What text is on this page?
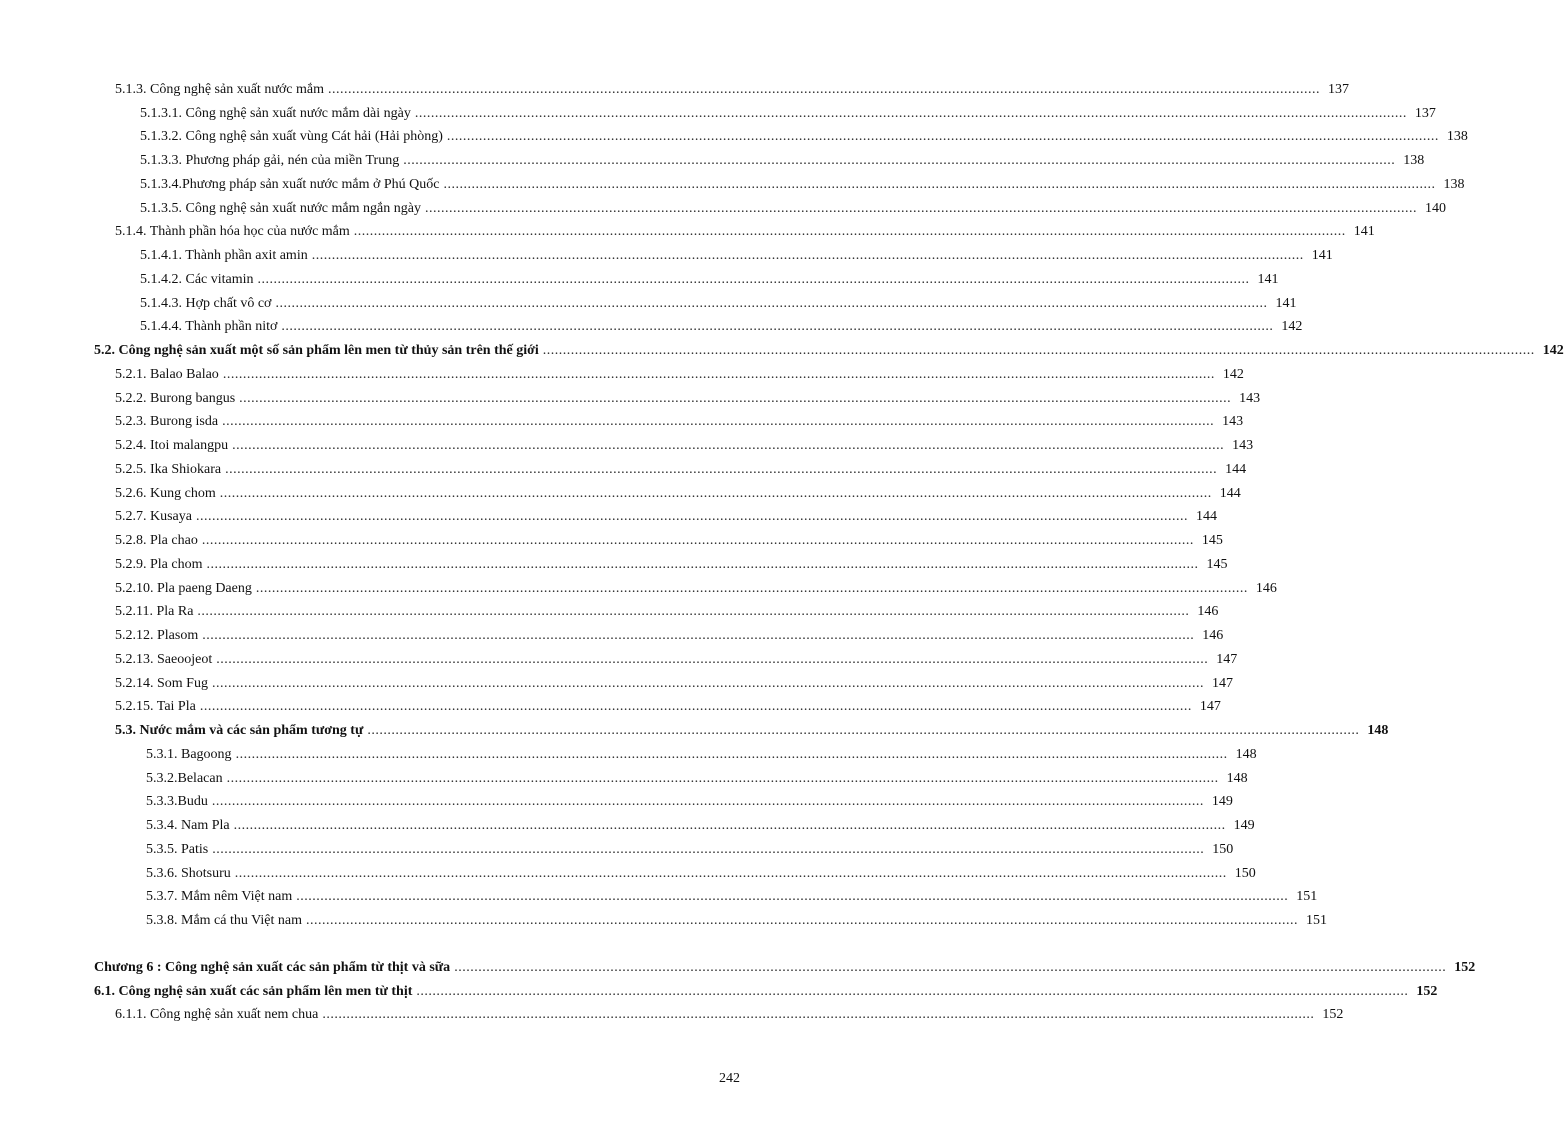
5.1.3. Công nghệ sản xuất nước mắm .....	137
5.1.3.1. Công nghệ sản xuất nước mắm dài ngày .....	137
5.1.3.2. Công nghệ sản xuất vùng Cát hải (Hải phòng) .....	138
5.1.3.3. Phương pháp gải, nén của miền Trung .....	138
5.1.3.4.Phương pháp sản xuất nước mắm ở Phú Quốc .....	138
5.1.3.5. Công nghệ sản xuất nước mắm ngắn ngày .....	140
5.1.4. Thành phần hóa học của nước mắm .....	141
5.1.4.1. Thành phần axit amin .....	141
5.1.4.2. Các vitamin .....	141
5.1.4.3. Hợp chất vô cơ .....	141
5.1.4.4. Thành phần nitơ .....	142
5.2. Công nghệ sản xuất một số sản phẩm lên men từ thủy sản trên thế giới .....	142
5.2.1. Balao Balao .....	142
5.2.2. Burong bangus .....	143
5.2.3. Burong isda .....	143
5.2.4. Itoi malangpu .....	143
5.2.5. Ika Shiokara .....	144
5.2.6. Kung chom .....	144
5.2.7. Kusaya .....	144
5.2.8. Pla chao .....	145
5.2.9. Pla chom .....	145
5.2.10. Pla paeng Daeng .....	146
5.2.11. Pla Ra .....	146
5.2.12. Plasom .....	146
5.2.13. Saeoojeot .....	147
5.2.14. Som Fug .....	147
5.2.15. Tai Pla .....	147
5.3. Nước mắm và các sản phẩm tương tự .....	148
5.3.1. Bagoong .....	148
5.3.2.Belacan .....	148
5.3.3.Budu .....	149
5.3.4. Nam Pla .....	149
5.3.5. Patis .....	150
5.3.6. Shotsuru .....	150
5.3.7. Mắm nêm Việt nam .....	151
5.3.8. Mắm cá thu Việt nam .....	151
Chương 6 : Công nghệ sản xuất các sản phẩm từ thịt và sữa .....	152
6.1. Công nghệ sản xuất các sản phẩm lên men từ thịt .....	152
6.1.1. Công nghệ sản xuất nem chua .....	152
242
